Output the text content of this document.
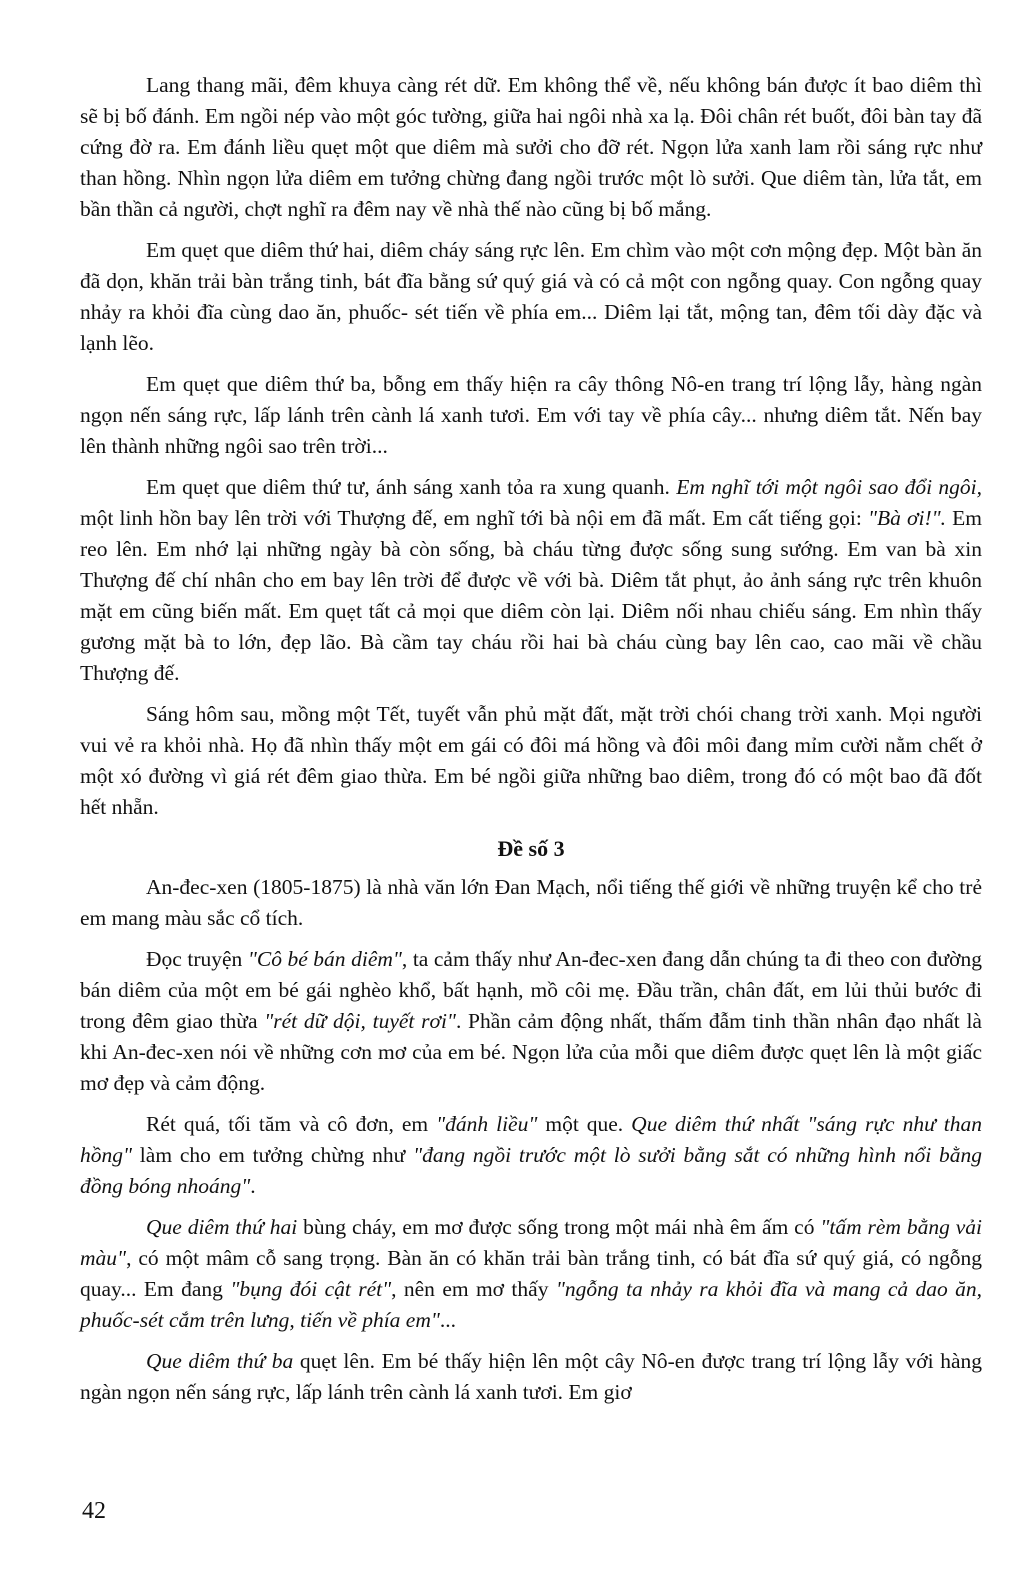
Lang thang mãi, đêm khuya càng rét dữ. Em không thể về, nếu không bán được ít bao diêm thì sẽ bị bố đánh. Em ngồi nép vào một góc tường, giữa hai ngôi nhà xa lạ. Đôi chân rét buốt, đôi bàn tay đã cứng đờ ra. Em đánh liều quẹt một que diêm mà sưởi cho đỡ rét. Ngọn lửa xanh lam rồi sáng rực như than hồng. Nhìn ngọn lửa diêm em tưởng chừng đang ngồi trước một lò sưởi. Que diêm tàn, lửa tắt, em bần thần cả người, chợt nghĩ ra đêm nay về nhà thế nào cũng bị bố mắng.

Em quẹt que diêm thứ hai, diêm cháy sáng rực lên. Em chìm vào một cơn mộng đẹp. Một bàn ăn đã dọn, khăn trải bàn trắng tinh, bát đĩa bằng sứ quý giá và có cả một con ngỗng quay. Con ngỗng quay nhảy ra khỏi đĩa cùng dao ăn, phuốc- sét tiến về phía em... Diêm lại tắt, mộng tan, đêm tối dày đặc và lạnh lẽo.

Em quẹt que diêm thứ ba, bỗng em thấy hiện ra cây thông Nô-en trang trí lộng lẫy, hàng ngàn ngọn nến sáng rực, lấp lánh trên cành lá xanh tươi. Em với tay về phía cây... nhưng diêm tắt. Nến bay lên thành những ngôi sao trên trời...

Em quẹt que diêm thứ tư, ánh sáng xanh tỏa ra xung quanh. Em nghĩ tới một ngôi sao đổi ngôi, một linh hồn bay lên trời với Thượng đế, em nghĩ tới bà nội em đã mất. Em cất tiếng gọi: "Bà ơi!". Em reo lên. Em nhớ lại những ngày bà còn sống, bà cháu từng được sống sung sướng. Em van bà xin Thượng đế chí nhân cho em bay lên trời để được về với bà. Diêm tắt phụt, ảo ảnh sáng rực trên khuôn mặt em cũng biến mất. Em quẹt tất cả mọi que diêm còn lại. Diêm nối nhau chiếu sáng. Em nhìn thấy gương mặt bà to lớn, đẹp lão. Bà cầm tay cháu rồi hai bà cháu cùng bay lên cao, cao mãi về chầu Thượng đế.

Sáng hôm sau, mồng một Tết, tuyết vẫn phủ mặt đất, mặt trời chói chang trời xanh. Mọi người vui vẻ ra khỏi nhà. Họ đã nhìn thấy một em gái có đôi má hồng và đôi môi đang mỉm cười nằm chết ở một xó đường vì giá rét đêm giao thừa. Em bé ngồi giữa những bao diêm, trong đó có một bao đã đốt hết nhẵn.

Đề số 3

An-đec-xen (1805-1875) là nhà văn lớn Đan Mạch, nổi tiếng thế giới về những truyện kể cho trẻ em mang màu sắc cổ tích.

Đọc truyện "Cô bé bán diêm", ta cảm thấy như An-đec-xen đang dẫn chúng ta đi theo con đường bán diêm của một em bé gái nghèo khổ, bất hạnh, mồ côi mẹ. Đầu trần, chân đất, em lủi thủi bước đi trong đêm giao thừa "rét dữ dội, tuyết rơi". Phần cảm động nhất, thấm đẫm tinh thần nhân đạo nhất là khi An-đec-xen nói về những cơn mơ của em bé. Ngọn lửa của mỗi que diêm được quẹt lên là một giấc mơ đẹp và cảm động.

Rét quá, tối tăm và cô đơn, em "đánh liều" một que. Que diêm thứ nhất "sáng rực như than hồng" làm cho em tưởng chừng như "đang ngồi trước một lò sưởi bằng sắt có những hình nổi bằng đồng bóng nhoáng".

Que diêm thứ hai bùng cháy, em mơ được sống trong một mái nhà êm ấm có "tấm rèm bằng vải màu", có một mâm cỗ sang trọng. Bàn ăn có khăn trải bàn trắng tinh, có bát đĩa sứ quý giá, có ngỗng quay... Em đang "bụng đói cật rét", nên em mơ thấy "ngỗng ta nhảy ra khỏi đĩa và mang cả dao ăn, phuốc-sét cắm trên lưng, tiến về phía em"...

Que diêm thứ ba quẹt lên. Em bé thấy hiện lên một cây Nô-en được trang trí lộng lẫy với hàng ngàn ngọn nến sáng rực, lấp lánh trên cành lá xanh tươi. Em giơ

42
